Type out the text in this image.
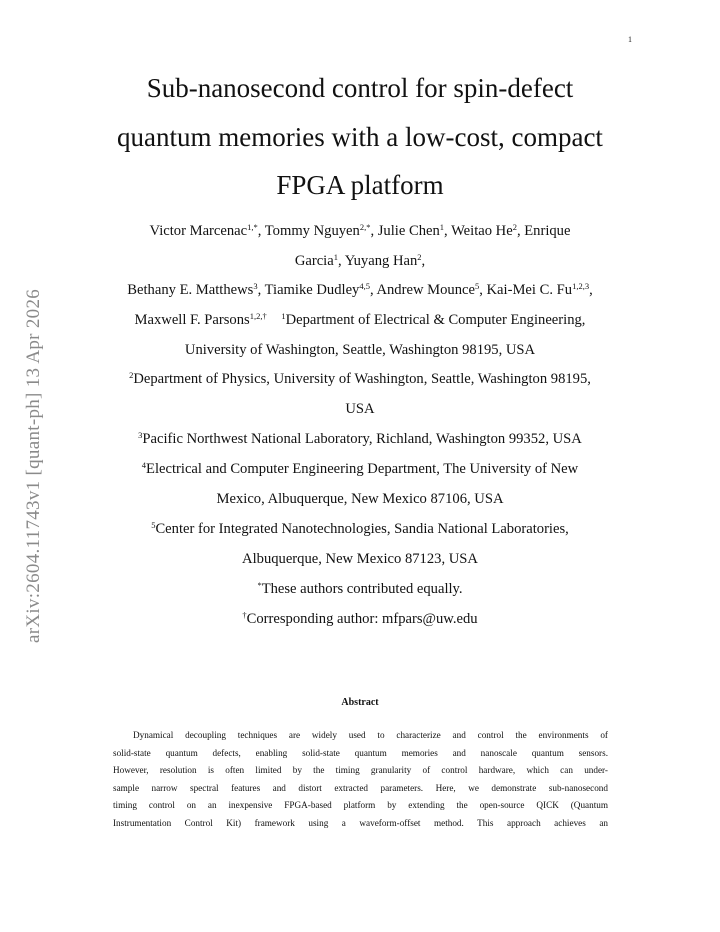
1
arXiv:2604.11743v1 [quant-ph] 13 Apr 2026
Sub-nanosecond control for spin-defect
quantum memories with a low-cost, compact
FPGA platform
Victor Marcenac$^{1,*}$, Tommy Nguyen$^{2,*}$, Julie Chen$^1$, Weitao He$^2$, Enrique
Garcia$^1$, Yuyang Han$^2$,
Bethany E. Matthews$^3$, Tiamike Dudley$^{4,5}$, Andrew Mounce$^5$, Kai-Mei C. Fu$^{1,2,3}$,
Maxwell F. Parsons$^{1,2,\dagger}$ $^1$Department of Electrical & Computer Engineering,
University of Washington, Seattle, Washington 98195, USA
$^2$Department of Physics, University of Washington, Seattle, Washington 98195,
USA
$^3$Pacific Northwest National Laboratory, Richland, Washington 99352, USA
$^4$Electrical and Computer Engineering Department, The University of New
Mexico, Albuquerque, New Mexico 87106, USA
$^5$Center for Integrated Nanotechnologies, Sandia National Laboratories,
Albuquerque, New Mexico 87123, USA
*These authors contributed equally.
†Corresponding author: mfpars@uw.edu
Abstract
Dynamical decoupling techniques are widely used to characterize and control the environments of
solid-state quantum defects, enabling solid-state quantum memories and nanoscale quantum sensors.
However, resolution is often limited by the timing granularity of control hardware, which can under-
sample narrow spectral features and distort extracted parameters. Here, we demonstrate sub-nanosecond
timing control on an inexpensive FPGA-based platform by extending the open-source QICK (Quantum
Instrumentation Control Kit) framework using a waveform-offset method. This approach achieves an
